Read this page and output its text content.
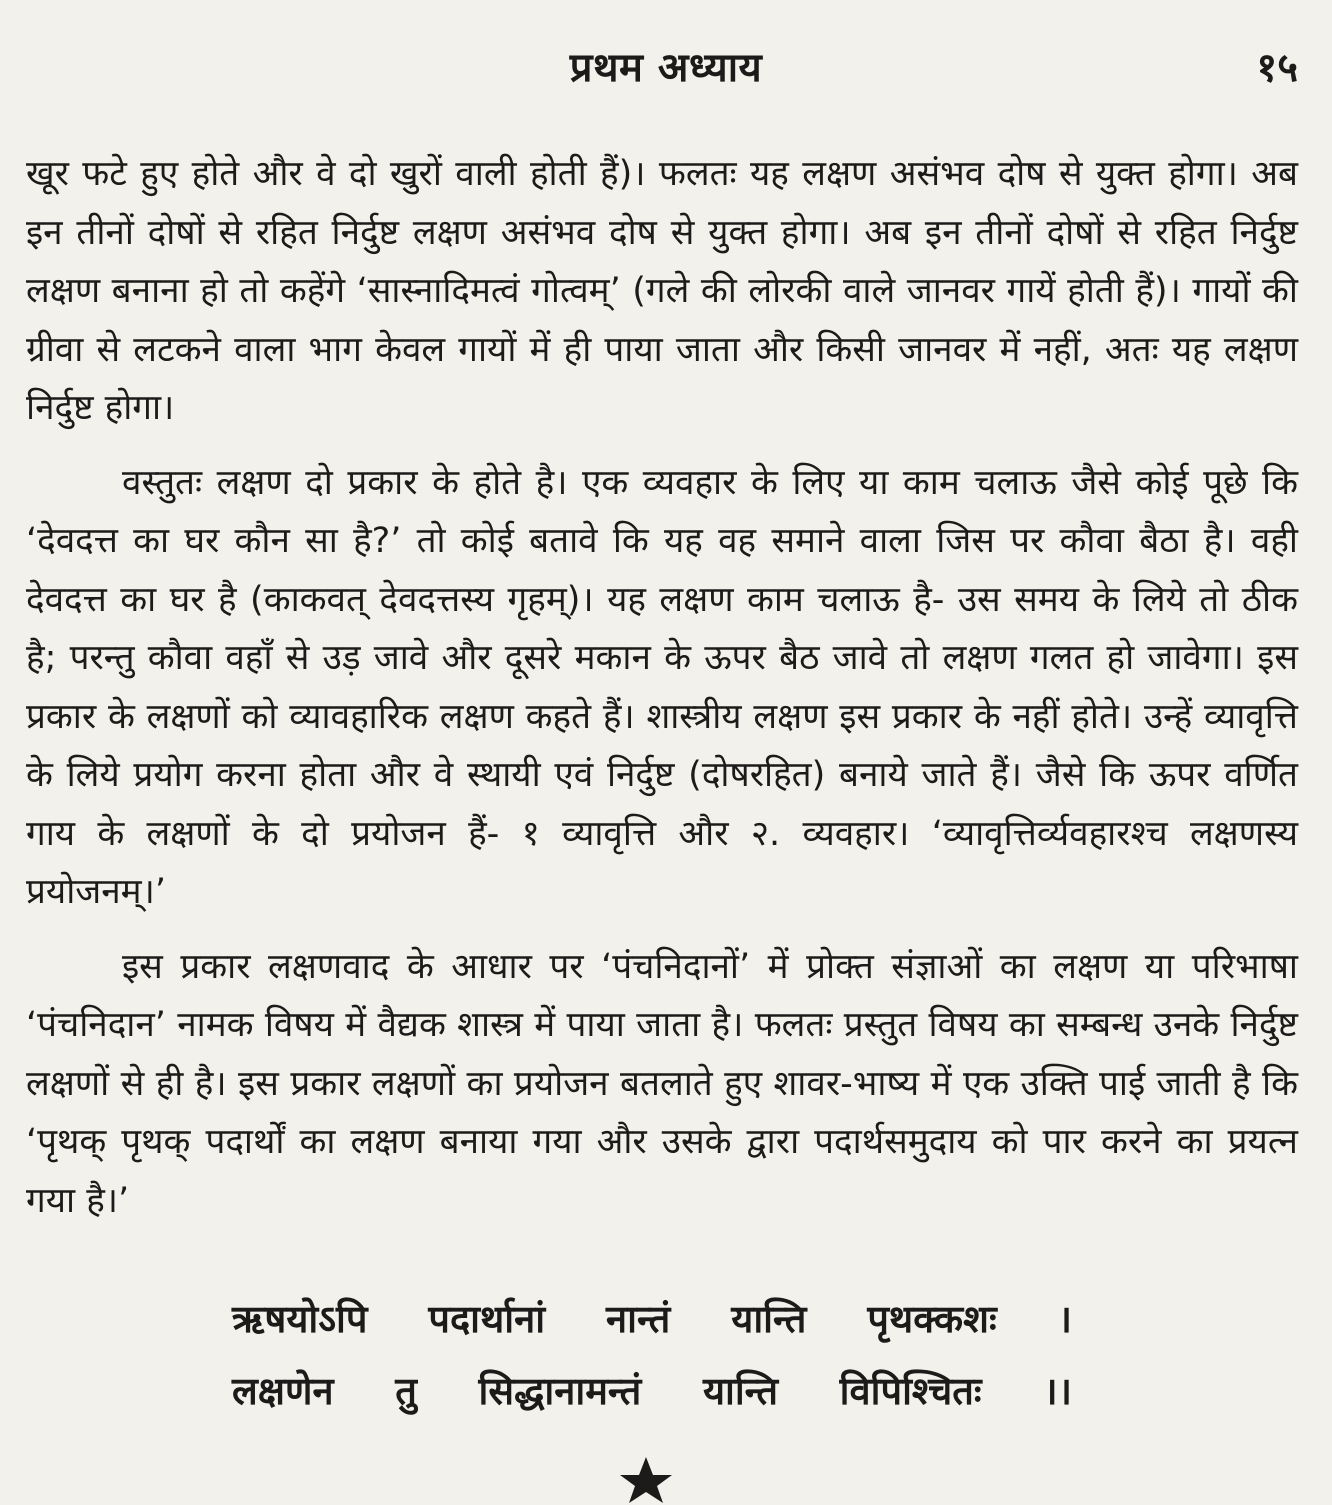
प्रथम अध्याय	१५

खूर फटे हुए होते और वे दो खुरों वाली होती हैं)। फलतः यह लक्षण असंभव दोष से युक्त होगा। अब इन तीनों दोषों से रहित निर्दुष्ट लक्षण असंभव दोष से युक्त होगा। अब इन तीनों दोषों से रहित निर्दुष्ट लक्षण बनाना हो तो कहेंगे ‘सास्नादिमत्वं गोत्वम्’ (गले की लोरकी वाले जानवर गायें होती हैं)। गायों की ग्रीवा से लटकने वाला भाग केवल गायों में ही पाया जाता और किसी जानवर में नहीं, अतः यह लक्षण निर्दुष्ट होगा।

वस्तुतः लक्षण दो प्रकार के होते है। एक व्यवहार के लिए या काम चलाऊ जैसे कोई पूछे कि ‘देवदत्त का घर कौन सा है?’ तो कोई बतावे कि यह वह समाने वाला जिस पर कौवा बैठा है। वही देवदत्त का घर है (काकवत् देवदत्तस्य गृहम्)। यह लक्षण काम चलाऊ है- उस समय के लिये तो ठीक है; परन्तु कौवा वहाँ से उड़ जावे और दूसरे मकान के ऊपर बैठ जावे तो लक्षण गलत हो जावेगा। इस प्रकार के लक्षणों को व्यावहारिक लक्षण कहते हैं। शास्त्रीय लक्षण इस प्रकार के नहीं होते। उन्हें व्यावृत्ति के लिये प्रयोग करना होता और वे स्थायी एवं निर्दुष्ट (दोषरहित) बनाये जाते हैं। जैसे कि ऊपर वर्णित गाय के लक्षणों के दो प्रयोजन हैं- १ व्यावृत्ति और २. व्यवहार। ‘व्यावृत्तिर्व्यवहारश्च लक्षणस्य प्रयोजनम्।’

इस प्रकार लक्षणवाद के आधार पर ‘पंचनिदानों’ में प्रोक्त संज्ञाओं का लक्षण या परिभाषा ‘पंचनिदान’ नामक विषय में वैद्यक शास्त्र में पाया जाता है। फलतः प्रस्तुत विषय का सम्बन्ध उनके निर्दुष्ट लक्षणों से ही है। इस प्रकार लक्षणों का प्रयोजन बतलाते हुए शावर-भाष्य में एक उक्ति पाई जाती है कि ‘पृथक् पृथक् पदार्थों का लक्षण बनाया गया और उसके द्वारा पदार्थसमुदाय को पार करने का प्रयत्न गया है।’

ऋषयोऽपि पदार्थानां नान्तं यान्ति पृथक्कशः ।
लक्षणेन तु सिद्धानामन्तं यान्ति विपिश्चितः ।।
